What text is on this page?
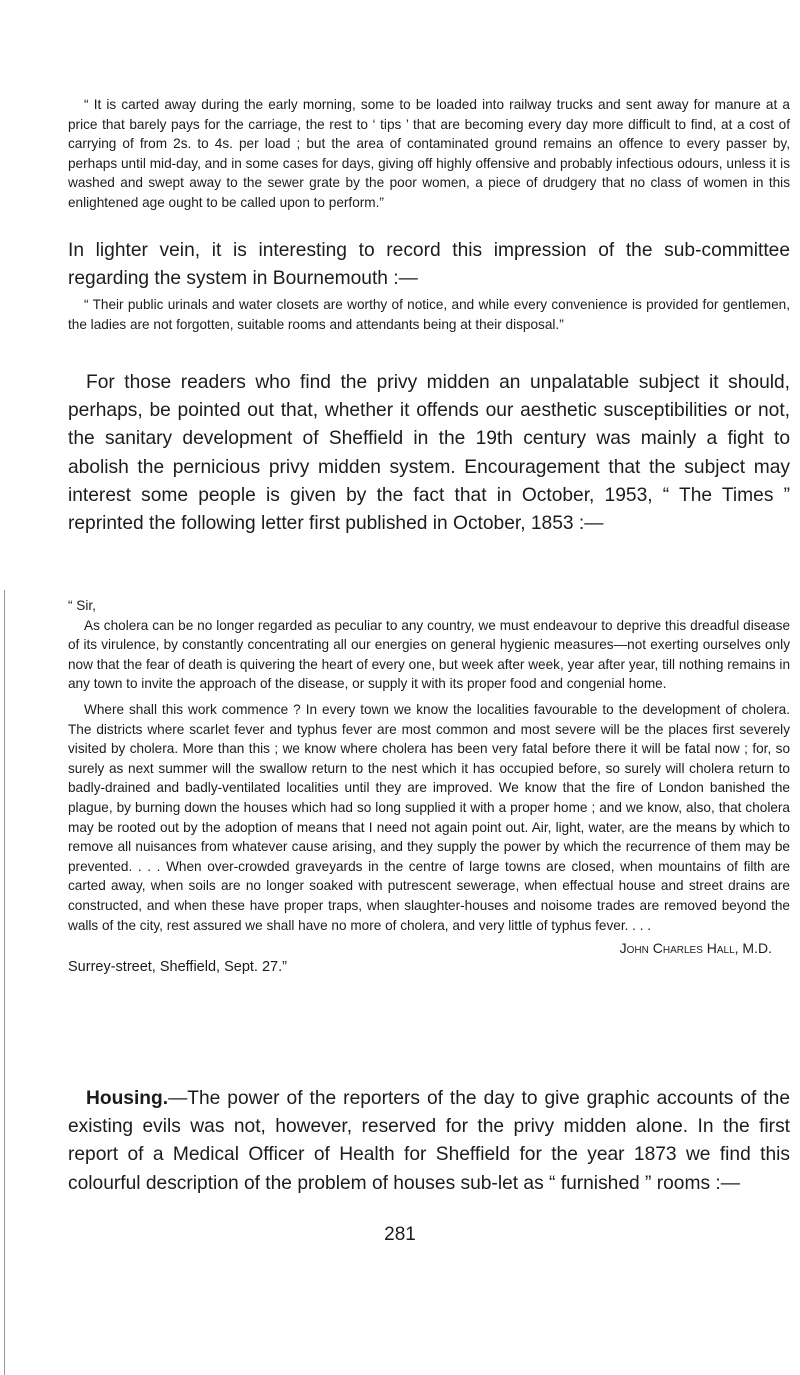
“ It is carted away during the early morning, some to be loaded into railway trucks and sent away for manure at a price that barely pays for the carriage, the rest to ‘ tips ’ that are becoming every day more difficult to find, at a cost of carrying of from 2s. to 4s. per load ; but the area of contaminated ground remains an offence to every passer by, perhaps until mid-day, and in some cases for days, giving off highly offensive and probably infectious odours, unless it is washed and swept away to the sewer grate by the poor women, a piece of drudgery that no class of women in this enlightened age ought to be called upon to perform.”

In lighter vein, it is interesting to record this impression of the sub-committee regarding the system in Bournemouth :—

“ Their public urinals and water closets are worthy of notice, and while every convenience is provided for gentlemen, the ladies are not forgotten, suitable rooms and attendants being at their disposal.”

For those readers who find the privy midden an unpalatable subject it should, perhaps, be pointed out that, whether it offends our aesthetic susceptibilities or not, the sanitary development of Sheffield in the 19th century was mainly a fight to abolish the pernicious privy midden system. Encouragement that the subject may interest some people is given by the fact that in October, 1953, “ The Times ” reprinted the following letter first published in October, 1853 :—

“ Sir,

As cholera can be no longer regarded as peculiar to any country, we must endeavour to deprive this dreadful disease of its virulence, by constantly concentrating all our energies on general hygienic measures—not exerting ourselves only now that the fear of death is quivering the heart of every one, but week after week, year after year, till nothing remains in any town to invite the approach of the disease, or supply it with its proper food and congenial home.

Where shall this work commence ? In every town we know the localities favourable to the development of cholera. The districts where scarlet fever and typhus fever are most common and most severe will be the places first severely visited by cholera. More than this ; we know where cholera has been very fatal before there it will be fatal now ; for, so surely as next summer will the swallow return to the nest which it has occupied before, so surely will cholera return to badly-drained and badly-ventilated localities until they are improved. We know that the fire of London banished the plague, by burning down the houses which had so long supplied it with a proper home ; and we know, also, that cholera may be rooted out by the adoption of means that I need not again point out. Air, light, water, are the means by which to remove all nuisances from whatever cause arising, and they supply the power by which the recurrence of them may be prevented. . . . When over-crowded graveyards in the centre of large towns are closed, when mountains of filth are carted away, when soils are no longer soaked with putrescent sewerage, when effectual house and street drains are constructed, and when these have proper traps, when slaughter-houses and noisome trades are removed beyond the walls of the city, rest assured we shall have no more of cholera, and very little of typhus fever. . . .

John Charles Hall, M.D.

Surrey-street, Sheffield, Sept. 27.”

Housing.—The power of the reporters of the day to give graphic accounts of the existing evils was not, however, reserved for the privy midden alone. In the first report of a Medical Officer of Health for Sheffield for the year 1873 we find this colourful description of the problem of houses sub-let as “ furnished ” rooms :—

281
